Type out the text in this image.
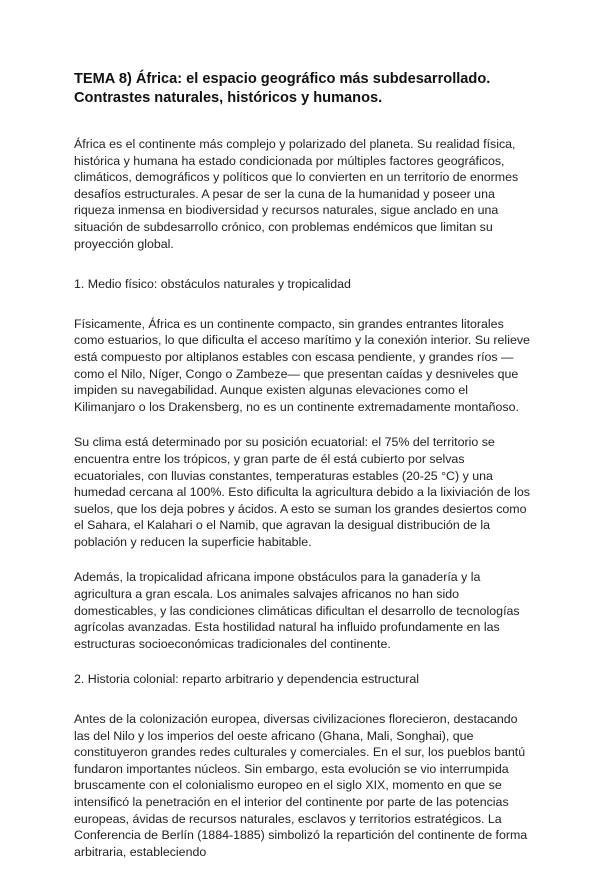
TEMA 8) África: el espacio geográfico más subdesarrollado. Contrastes naturales, históricos y humanos.

África es el continente más complejo y polarizado del planeta. Su realidad física, histórica y humana ha estado condicionada por múltiples factores geográficos, climáticos, demográficos y políticos que lo convierten en un territorio de enormes desafíos estructurales. A pesar de ser la cuna de la humanidad y poseer una riqueza inmensa en biodiversidad y recursos naturales, sigue anclado en una situación de subdesarrollo crónico, con problemas endémicos que limitan su proyección global.

1. Medio físico: obstáculos naturales y tropicalidad

Físicamente, África es un continente compacto, sin grandes entrantes litorales como estuarios, lo que dificulta el acceso marítimo y la conexión interior. Su relieve está compuesto por altiplanos estables con escasa pendiente, y grandes ríos —como el Nilo, Níger, Congo o Zambeze— que presentan caídas y desniveles que impiden su navegabilidad. Aunque existen algunas elevaciones como el Kilimanjaro o los Drakensberg, no es un continente extremadamente montañoso.

Su clima está determinado por su posición ecuatorial: el 75% del territorio se encuentra entre los trópicos, y gran parte de él está cubierto por selvas ecuatoriales, con lluvias constantes, temperaturas estables (20-25 °C) y una humedad cercana al 100%. Esto dificulta la agricultura debido a la lixiviación de los suelos, que los deja pobres y ácidos. A esto se suman los grandes desiertos como el Sahara, el Kalahari o el Namib, que agravan la desigual distribución de la población y reducen la superficie habitable.

Además, la tropicalidad africana impone obstáculos para la ganadería y la agricultura a gran escala. Los animales salvajes africanos no han sido domesticables, y las condiciones climáticas dificultan el desarrollo de tecnologías agrícolas avanzadas. Esta hostilidad natural ha influido profundamente en las estructuras socioeconómicas tradicionales del continente.

2. Historia colonial: reparto arbitrario y dependencia estructural

Antes de la colonización europea, diversas civilizaciones florecieron, destacando las del Nilo y los imperios del oeste africano (Ghana, Mali, Songhai), que constituyeron grandes redes culturales y comerciales. En el sur, los pueblos bantú fundaron importantes núcleos. Sin embargo, esta evolución se vio interrumpida bruscamente con el colonialismo europeo en el siglo XIX, momento en que se intensificó la penetración en el interior del continente por parte de las potencias europeas, ávidas de recursos naturales, esclavos y territorios estratégicos. La Conferencia de Berlín (1884-1885) simbolizó la repartición del continente de forma arbitraria, estableciendo
